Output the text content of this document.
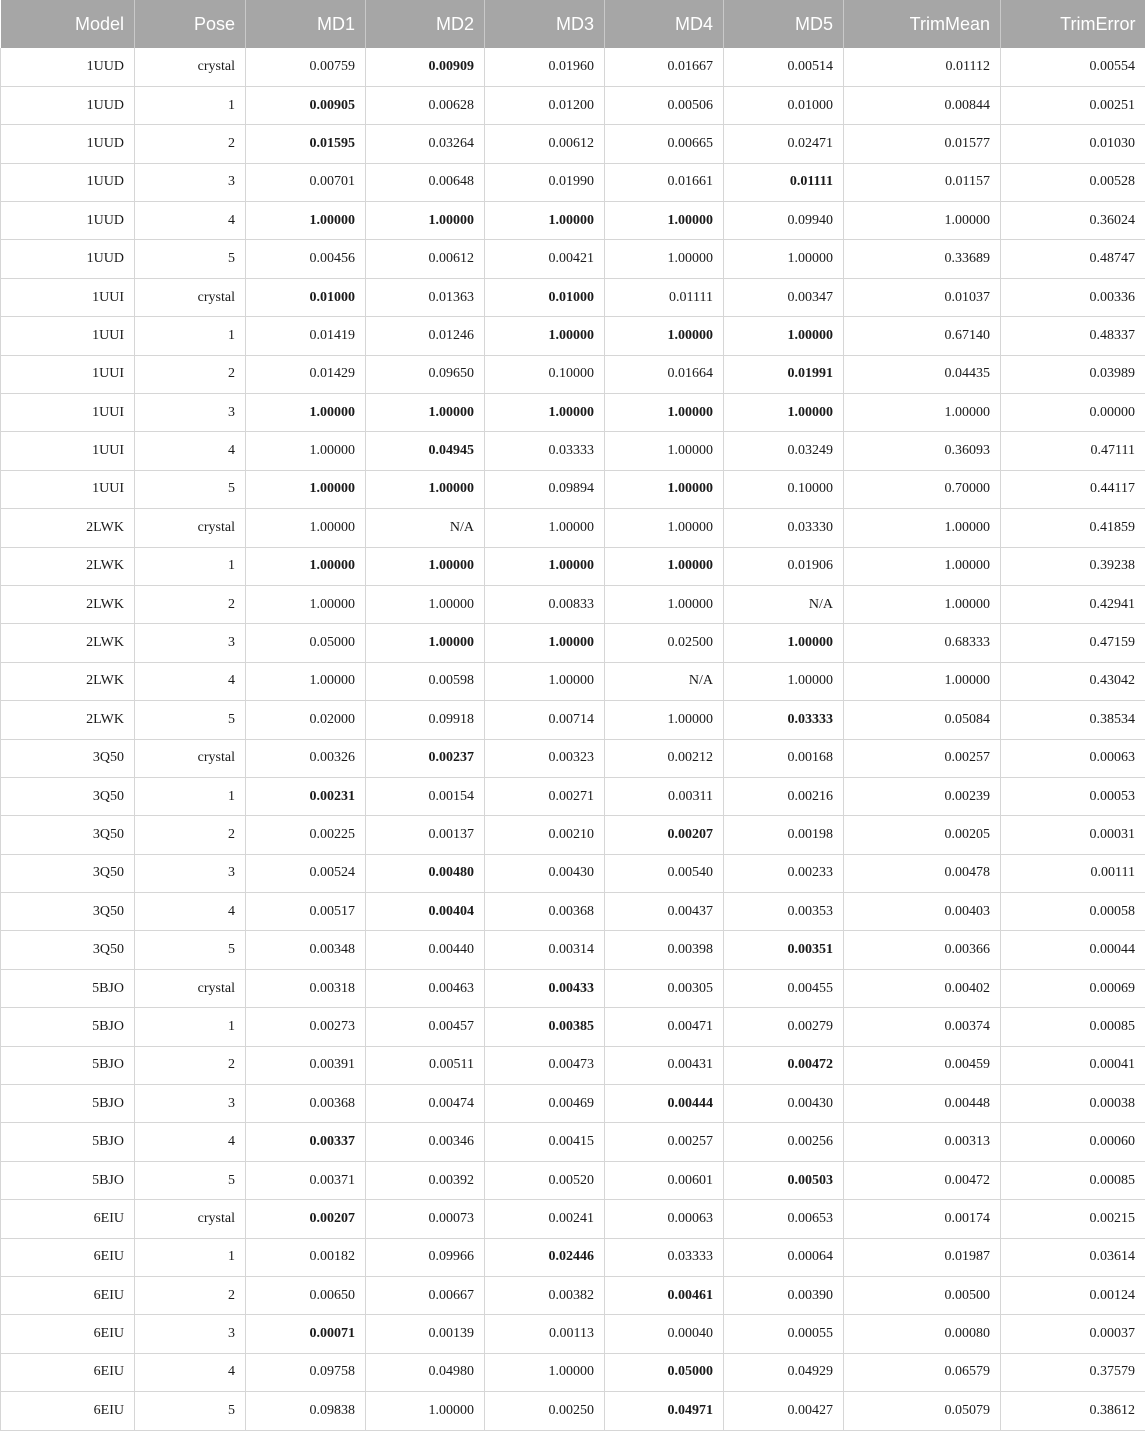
Model	Pose	MD1	MD2	MD3	MD4	MD5	TrimMean	TrimError
1UUD	crystal	0.00759	0.00909	0.01960	0.01667	0.00514	0.01112	0.00554
1UUD	1	0.00905	0.00628	0.01200	0.00506	0.01000	0.00844	0.00251
1UUD	2	0.01595	0.03264	0.00612	0.00665	0.02471	0.01577	0.01030
1UUD	3	0.00701	0.00648	0.01990	0.01661	0.01111	0.01157	0.00528
1UUD	4	1.00000	1.00000	1.00000	1.00000	0.09940	1.00000	0.36024
1UUD	5	0.00456	0.00612	0.00421	1.00000	1.00000	0.33689	0.48747
1UUI	crystal	0.01000	0.01363	0.01000	0.01111	0.00347	0.01037	0.00336
1UUI	1	0.01419	0.01246	1.00000	1.00000	1.00000	0.67140	0.48337
1UUI	2	0.01429	0.09650	0.10000	0.01664	0.01991	0.04435	0.03989
1UUI	3	1.00000	1.00000	1.00000	1.00000	1.00000	1.00000	0.00000
1UUI	4	1.00000	0.04945	0.03333	1.00000	0.03249	0.36093	0.47111
1UUI	5	1.00000	1.00000	0.09894	1.00000	0.10000	0.70000	0.44117
2LWK	crystal	1.00000	N/A	1.00000	1.00000	0.03330	1.00000	0.41859
2LWK	1	1.00000	1.00000	1.00000	1.00000	0.01906	1.00000	0.39238
2LWK	2	1.00000	1.00000	0.00833	1.00000	N/A	1.00000	0.42941
2LWK	3	0.05000	1.00000	1.00000	0.02500	1.00000	0.68333	0.47159
2LWK	4	1.00000	0.00598	1.00000	N/A	1.00000	1.00000	0.43042
2LWK	5	0.02000	0.09918	0.00714	1.00000	0.03333	0.05084	0.38534
3Q50	crystal	0.00326	0.00237	0.00323	0.00212	0.00168	0.00257	0.00063
3Q50	1	0.00231	0.00154	0.00271	0.00311	0.00216	0.00239	0.00053
3Q50	2	0.00225	0.00137	0.00210	0.00207	0.00198	0.00205	0.00031
3Q50	3	0.00524	0.00480	0.00430	0.00540	0.00233	0.00478	0.00111
3Q50	4	0.00517	0.00404	0.00368	0.00437	0.00353	0.00403	0.00058
3Q50	5	0.00348	0.00440	0.00314	0.00398	0.00351	0.00366	0.00044
5BJO	crystal	0.00318	0.00463	0.00433	0.00305	0.00455	0.00402	0.00069
5BJO	1	0.00273	0.00457	0.00385	0.00471	0.00279	0.00374	0.00085
5BJO	2	0.00391	0.00511	0.00473	0.00431	0.00472	0.00459	0.00041
5BJO	3	0.00368	0.00474	0.00469	0.00444	0.00430	0.00448	0.00038
5BJO	4	0.00337	0.00346	0.00415	0.00257	0.00256	0.00313	0.00060
5BJO	5	0.00371	0.00392	0.00520	0.00601	0.00503	0.00472	0.00085
6EIU	crystal	0.00207	0.00073	0.00241	0.00063	0.00653	0.00174	0.00215
6EIU	1	0.00182	0.09966	0.02446	0.03333	0.00064	0.01987	0.03614
6EIU	2	0.00650	0.00667	0.00382	0.00461	0.00390	0.00500	0.00124
6EIU	3	0.00071	0.00139	0.00113	0.00040	0.00055	0.00080	0.00037
6EIU	4	0.09758	0.04980	1.00000	0.05000	0.04929	0.06579	0.37579
6EIU	5	0.09838	1.00000	0.00250	0.04971	0.00427	0.05079	0.38612
